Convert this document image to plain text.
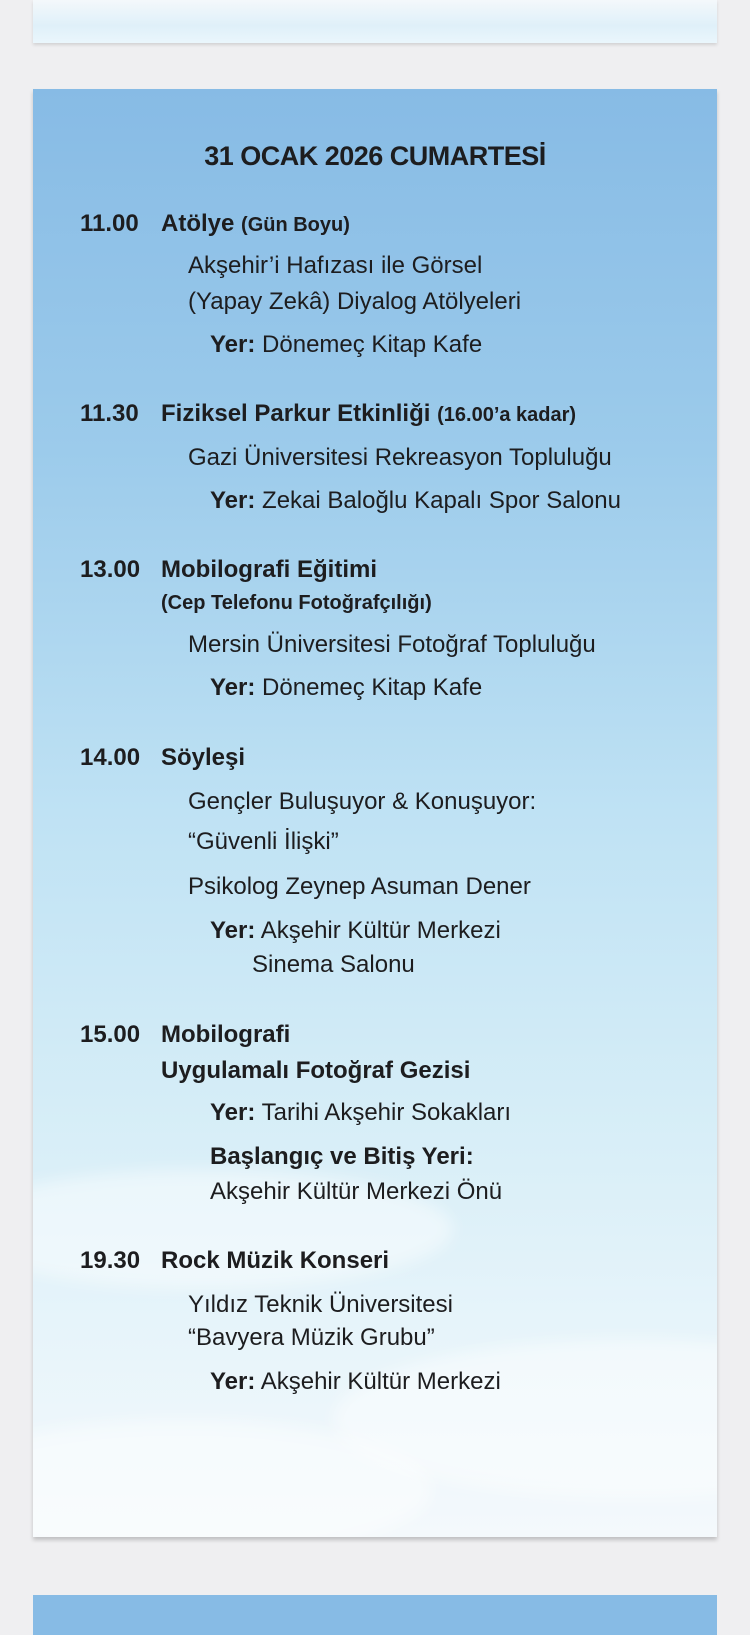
31 OCAK 2026 CUMARTESİ
11.00 Atölye (Gün Boyu)
Akşehir’i Hafızası ile Görsel
(Yapay Zekâ) Diyalog Atölyeleri
Yer: Dönemeç Kitap Kafe
11.30 Fiziksel Parkur Etkinliği (16.00’a kadar)
Gazi Üniversitesi Rekreasyon Topluluğu
Yer: Zekai Baloğlu Kapalı Spor Salonu
13.00 Mobilografi Eğitimi
(Cep Telefonu Fotoğrafçılığı)
Mersin Üniversitesi Fotoğraf Topluluğu
Yer: Dönemeç Kitap Kafe
14.00 Söyleşi
Gençler Buluşuyor & Konuşuyor:
“Güvenli İlişki”
Psikolog Zeynep Asuman Dener
Yer: Akşehir Kültür Merkezi
Sinema Salonu
15.00 Mobilografi
Uygulamalı Fotoğraf Gezisi
Yer: Tarihi Akşehir Sokakları
Başlangıç ve Bitiş Yeri:
Akşehir Kültür Merkezi Önü
19.30 Rock Müzik Konseri
Yıldız Teknik Üniversitesi
“Bavyera Müzik Grubu”
Yer: Akşehir Kültür Merkezi
